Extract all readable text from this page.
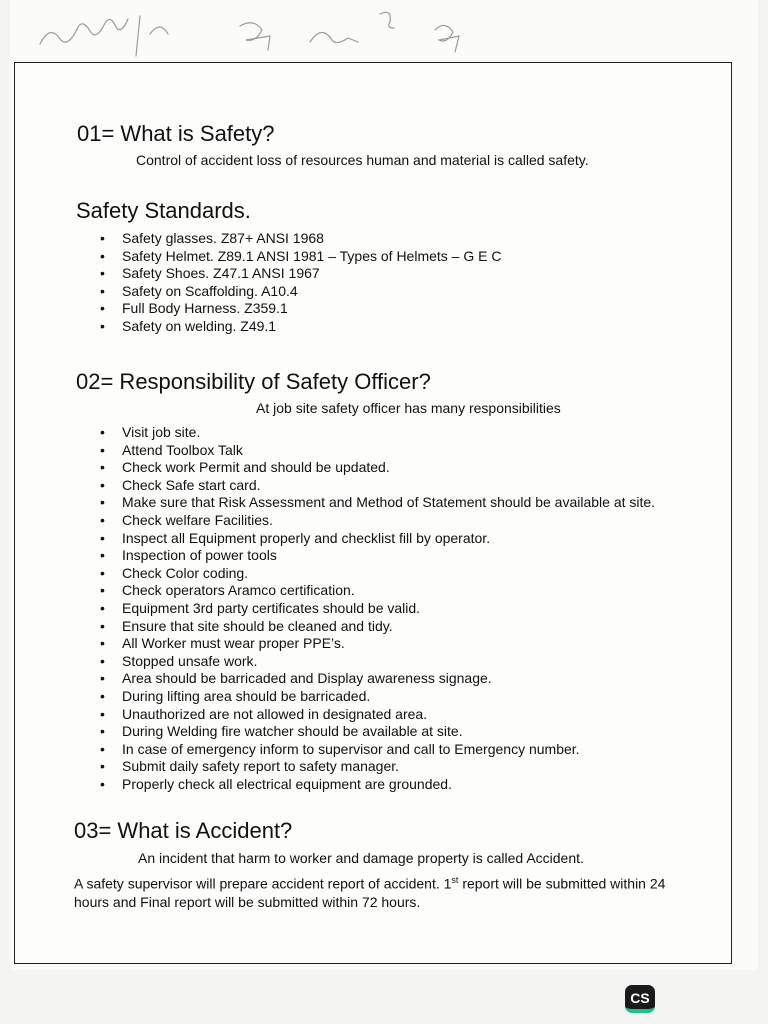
01= What is Safety?

Control of accident loss of resources human and material is called safety.

Safety Standards.
• Safety glasses. Z87+ ANSI 1968
• Safety Helmet. Z89.1 ANSI 1981 – Types of Helmets – G E C
• Safety Shoes. Z47.1 ANSI 1967
• Safety on Scaffolding. A10.4
• Full Body Harness. Z359.1
• Safety on welding. Z49.1
02= Responsibility of Safety Officer?

At job site safety officer has many responsibilities

• Visit job site.
• Attend Toolbox Talk
• Check work Permit and should be updated.
• Check Safe start card.
• Make sure that Risk Assessment and Method of Statement should be available at site.
• Check welfare Facilities.
• Inspect all Equipment properly and checklist fill by operator.
• Inspection of power tools
• Check Color coding.
• Check operators Aramco certification.
• Equipment 3rd party certificates should be valid.
• Ensure that site should be cleaned and tidy.
• All Worker must wear proper PPE’s.
• Stopped unsafe work.
• Area should be barricaded and Display awareness signage.
• During lifting area should be barricaded.
• Unauthorized are not allowed in designated area.
• During Welding fire watcher should be available at site.
• In case of emergency inform to supervisor and call to Emergency number.
• Submit daily safety report to safety manager.
• Properly check all electrical equipment are grounded.
03= What is Accident?

An incident that harm to worker and damage property is called Accident.

A safety supervisor will prepare accident report of accident. 1st report will be submitted within 24 hours and Final report will be submitted within 72 hours.

CS
